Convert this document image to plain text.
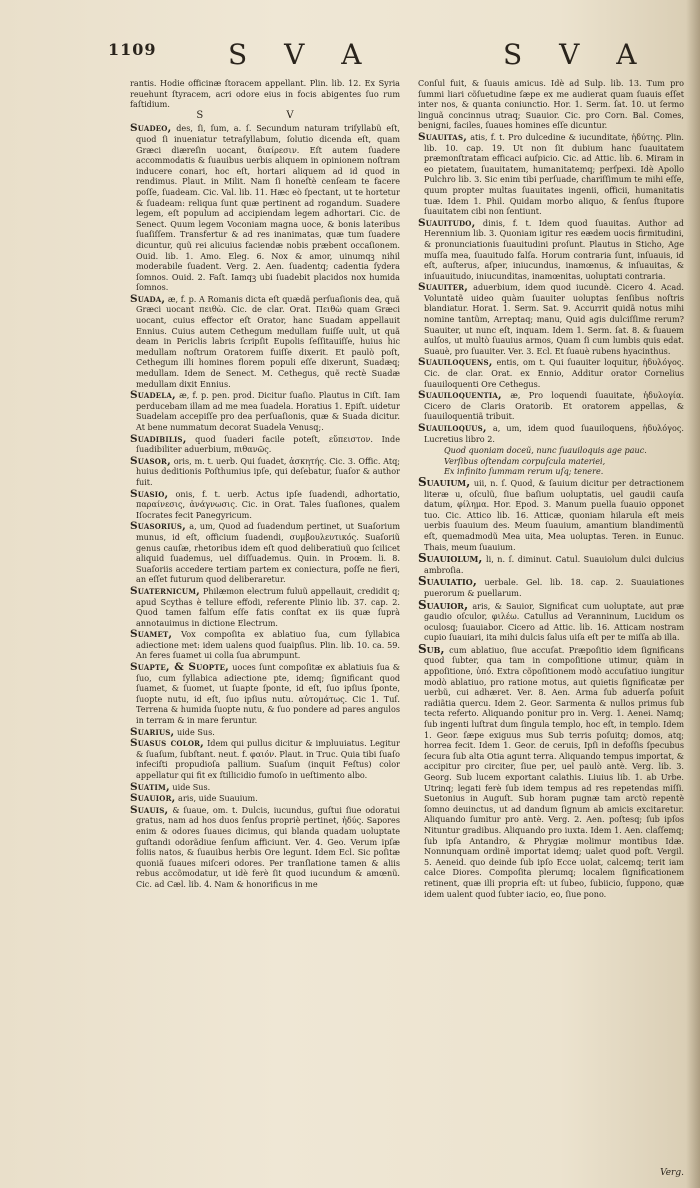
1109	S V A	S V A

rantis. Hodie officinæ ſtoracem appellant. Plin. lib. 12. Ex Syria reuehunt ſtyracem, acri odore eius in focis abigentes ſuo rum faſtidium.

S V

Suadeo, des, ſi, ſum, a. ſ. Secundum naturam triſyllabũ eſt, quod ſi inueniatur tetraſyllabum, ſolutio dicenda eſt, quam Græci diæreſin uocant, διαίρεσιν. Eſt autem ſuadere accommodatis & ſuauibus uerbis aliquem in opinionem noſtram inducere conari, hoc eſt, hortari aliquem ad id quod in rendimus. Plaut. in Milit. Nam ſi honeſtè cenſeam te facere poſſe, ſuadeam. Cic. Val. lib. 11. Hæc eò ſpectant, ut te hortetur & ſuadeam: reliqua ſunt quæ pertinent ad rogandum. Suadere legem, eſt populum ad accipiendam legem adhortari. Cic. de Senect. Quum legem Voconiam magna uoce, & bonis lateribus ſuaſiſſem. Transfertur & ad res inanimatas, quæ tum ſuadere dicuntur, quũ rei alicuius faciendæ nobis præbent occaſionem. Ouid. lib. 1. Amo. Eleg. 6. Nox & amor, uinumqꝫ nihil moderabile ſuadent. Verg. 2. Aen. ſuadentq; cadentia ſydera ſomnos. Ouid. 2. Faſt. Iamqꝫ ubi ſuadebit placidos nox humida ſomnos.

Suada, æ, f. p. A Romanis dicta eſt quædã perſuaſionis dea, quã Græci uocant πειθὼ. Cic. de clar. Orat. Πειθὼ quam Græci uocant, cuius effector eſt Orator, hanc Suadam appellauit Ennius. Cuius autem Cethegum medullam fuiſſe uult, ut quã deam in Periclis labris ſcripſit Eupolis ſeſſitauiſſe, huius hic medullam noſtrum Oratorem fuiſſe dixerit. Et paulò poſt, Cethegum illi homines florem populi eſſe dixerunt, Suadæq; medullam. Idem de Senect. M. Cethegus, quẽ rectè Suadæ medullam dixit Ennius.

Suadela, æ, f. p. pen. prod. Dicitur ſuaſio. Plautus in Ciſt. Iam perducebam illam ad me mea ſuadela. Horatius 1. Epiſt. uidetur Suadelam accepiſſe pro dea perſuaſionis, quæ & Suada dicitur. At bene nummatum decorat Suadela Venusq;.

Suadibilis, quod ſuaderi facile poteſt, εὔπειστον. Inde ſuadibiliter aduerbium, πιθανῶς.

Suaſor, oris, m. t. uerb. Qui ſuadet, ἀσκητής. Cic. 3. Offic. Atq; huius deditionis Poſthumius ipſe, qui deſebatur, ſuaſor & author fuit.

Suaſio, onis, f. t. uerb. Actus ipſe ſuadendi, adhortatio, παραίνεσις, ἀνάγνωσις. Cic. in Orat. Tales ſuaſiones, qualem Iſocrates fecit Panegyricum.

Suaſorius, a, um, Quod ad ſuadendum pertinet, ut Suaſorium munus, id eſt, officium ſuadendi, συμβουλευτικός. Suaſoriũ genus cauſæ, rhetoribus idem eſt quod deliberatiuũ quo ſcilicet aliquid ſuademus, uel diſſuademus. Quin. in Proœm. li. 8. Suaſoriis accedere tertiam partem ex coniectura, poſſe ne fieri, an eſſet futurum quod deliberaretur.

Suaternicum, Philæmon electrum fuluũ appellauit, credidit q; apud Scythas è tellure effodi, referente Plinio lib. 37. cap. 2. Quod tamen falſum eſſe fatis conſtat ex iis quæ ſuprà annotauimus in dictione Electrum.

Suamet, Vox compoſita ex ablatiuo ſua, cum ſyllabica adiectione met: idem ualens quod ſuaipſius. Plin. lib. 10. ca. 59. An feres ſuamet ui colla ſua abrumpunt.

Suapte, & Suopte, uoces ſunt compoſitæ ex ablatiuis ſua & ſuo, cum ſyllabica adiectione pte, idemq; ſignificant quod ſuamet, & ſuomet, ut ſuapte ſponte, id eſt, ſuo ipſius ſponte, ſuopte nutu, id eſt, ſuo ipſius nutu. αὐτομάτως. Cic 1. Tuſ. Terrena & humida ſuopte nutu, & ſuo pondere ad pares angulos in terram & in mare feruntur.

Suarius, uide Sus.

Suaſus color, Idem qui pullus dicitur & impluuiatus. Legitur & ſuaſum, ſubſtant. neut. f. φαιόν. Plaut. in Truc. Quia tibi ſuaſo infeciſti propudioſa pallium. Suaſum (inquit Feſtus) color appellatur qui fit ex ſtillicidio fumoſo in ueſtimento albo.

Suatim, uide Sus.

Suauior, aris, uide Suauium.

Suauis, & ſuaue, om. t. Dulcis, iucundus, guſtui ſiue odoratui gratus, nam ad hos duos ſenſus propriè pertinet, ἡδύς. Sapores enim & odores ſuaues dicimus, qui blanda quadam uoluptate guſtandi odorãdiue ſenſum afficiunt. Ver. 4. Geo. Verum ipſæ foliis natos, & ſuauibus herbis Ore legunt. Idem Ecl. Sic poſitæ quoniã ſuaues miſceri odores. Per tranſlatione tamen & aliis rebus accõmodatur, ut idè ferè ſit quod iucundum & amœnũ. Cic. ad Cæl. lib. 4. Nam & honorificus in me

Conſul fuit, & ſuauis amicus. Idè ad Sulp. lib. 13. Tum pro ſummi liari cõſuetudine ſæpe ex me audierat quam ſuauis eſſet inter nos, & quanta coniunctio. Hor. 1. Serm. ſat. 10. ut ſermo linguã concinnus utraq; Suauior. Cic. pro Corn. Bal. Comes, benigni, faciles, ſuaues homines eſſe dicuntur.

Suauitas, atis, f. t. Pro dulcedine & iucunditate, ἡδύτης. Plin. lib. 10. cap. 19. Ut non ſit dubium hanc ſuauitatem præmonſtratam efficaci auſpicio. Cic. ad Attic. lib. 6. Miram in eo pietatem, ſuauitatem, humanitatemq; perſpexi. Idè Apollo Pulchro lib. 3. Sic enim tibi perſuade, chariſſimum te mihi eſſe, quum propter multas ſuauitates ingenii, officii, humanitatis tuæ. Idem 1. Phil. Quidam morbo aliquo, & ſenſus ſtupore ſuauitatem cibi non ſentiunt.

Suauitudo, dinis, f. t. Idem quod ſuauitas. Author ad Herennium lib. 3. Quoniam igitur res eædem uocis firmitudini, & pronunciationis ſuauitudini proſunt. Plautus in Sticho, Age muſſa mea, ſuauitudo falſa. Horum contraria ſunt, inſuauis, id eſt, auſterus, aſper, iniucundus, inamœnus, & inſuauitas, & inſuauitudo, iniucunditas, inamœnitas, uoluptati contraria.

Suauiter, aduerbium, idem quod iucundè. Cicero 4. Acad. Voluntatẽ uideo quàm ſuauiter uoluptas ſenſibus noſtris blandiatur. Horat. 1. Serm. Sat. 9. Accurrit quidã notus mihi nomine tantũm, Arreptaq; manu, Quid agis dulciſſime rerum? Suauiter, ut nunc eſt, inquam. Idem 1. Serm. ſat. 8. & ſuauem aulſos, ut multò ſuauius armos, Quam ſi cum lumbis quis edat. Suauè, pro ſuauiter. Ver. 3. Ecl. Et ſuauè rubens hyacinthus.

Suauiloquens, entis, om t. Qui ſuauiter loquitur, ἡδυλόγος. Cic. de clar. Orat. ex Ennio, Additur orator Cornelius ſuauiloquenti Ore Cethegus.

Suauiloquentia, æ, Pro loquendi ſuauitate, ἡδυλογία. Cicero de Claris Oratorib. Et oratorem appellas, & ſuauiloquentiã tribuit.

Suauiloquus, a, um, idem quod ſuauiloquens, ἡδυλόγος. Lucretius libro 2.

Quod quoniam doceũ, nunc ſuauiloquis age pauc.
Verſibus oſtendam corpuſcula materiei,
Ex infinito ſummam rerum uſq; tenere.

Suauium, uii, n. ſ. Quod, & ſauium dicitur per detractionem literæ u, oſculũ, ſiue baſium uoluptatis, uel gaudii cauſa datum, φίλημα. Hor. Epod. 3. Manum puella ſuauio opponet tuo. Cic. Attico lib. 16. Atticæ, quoniam hilarula eſt meis uerbis ſuauium des. Meum ſuauium, amantium blandimentũ eſt, quemadmodũ Mea uita, Mea uoluptas. Teren. in Eunuc. Thais, meum ſuauium.

Suauiolum, li, n. ſ. diminut. Catul. Suauiolum dulci dulcius ambroſia.

Suauiatio, uerbale. Gel. lib. 18. cap. 2. Suauiationes puerorum & puellarum.

Suauior, aris, & Sauior, Significat cum uoluptate, aut præ gaudio oſculor, φιλέω. Catullus ad Veranninum, Lucidum os oculosq; ſuauiabor. Cicero ad Attic. lib. 16. Atticam nostram cupio ſuauiari, ita mihi dulcis ſalus uiſa eſt per te miſſa ab illa.

Sub, cum ablatiuo, ſiue accuſat. Præpoſitio idem ſignificans quod ſubter, qua tam in compoſitione utimur, quàm in appoſitione, ὑπό. Extra cõpoſitionem modò accuſatiuo iungitur modò ablatiuo, pro ratione motus, aut quietis ſignificatæ per uerbũ, cui adhæret. Ver. 8. Aen. Arma ſub aduerſa poſuit radiãtia quercu. Idem 2. Geor. Sarmenta & nullos primus ſub tecta referto. Aliquando ponitur pro in. Verg. 1. Aenei. Namq; ſub ingenti luſtrat dum ſingula templo, hoc eſt, in templo. Idem 1. Geor. ſæpe exiguus mus Sub terris poſuitq; domos, atq; horrea fecit. Idem 1. Geor. de ceruis, Ipſi in defoſſis ſpecubus ſecura ſub alta Otia agunt terra. Aliquando tempus importat, & accipitur pro circiter, ſiue per, uel paulò antè. Verg. lib. 3. Georg. Sub lucem exportant calathis. Liuius lib. 1. ab Urbe. Utrinq; legati ferè ſub idem tempus ad res repetendas miſſi. Suetonius in Auguſt. Sub horam pugnæ tam arctò repentè ſomno deuinctus, ut ad dandum ſignum ab amicis excitaretur. Aliquando ſumitur pro antè. Verg. 2. Aen. poſtesq; ſub ipſos Nituntur gradibus. Aliquando pro iuxta. Idem 1. Aen. claſſemq; ſub ipſa Antandro, & Phrygiæ molimur montibus Idæ. Nonnunquam ordinẽ importat idemq; ualet quod poſt. Vergil. 5. Aeneid. quo deinde ſub ipſo Ecce uolat, calcemq; terit iam calce Diores. Compoſita plerumq; localem ſignificationem retinent, quæ illi propria eſt: ut ſubeo, ſubiicio, ſuppono, quæ idem ualent quod ſubter iacio, eo, ſiue pono.

Verg.
